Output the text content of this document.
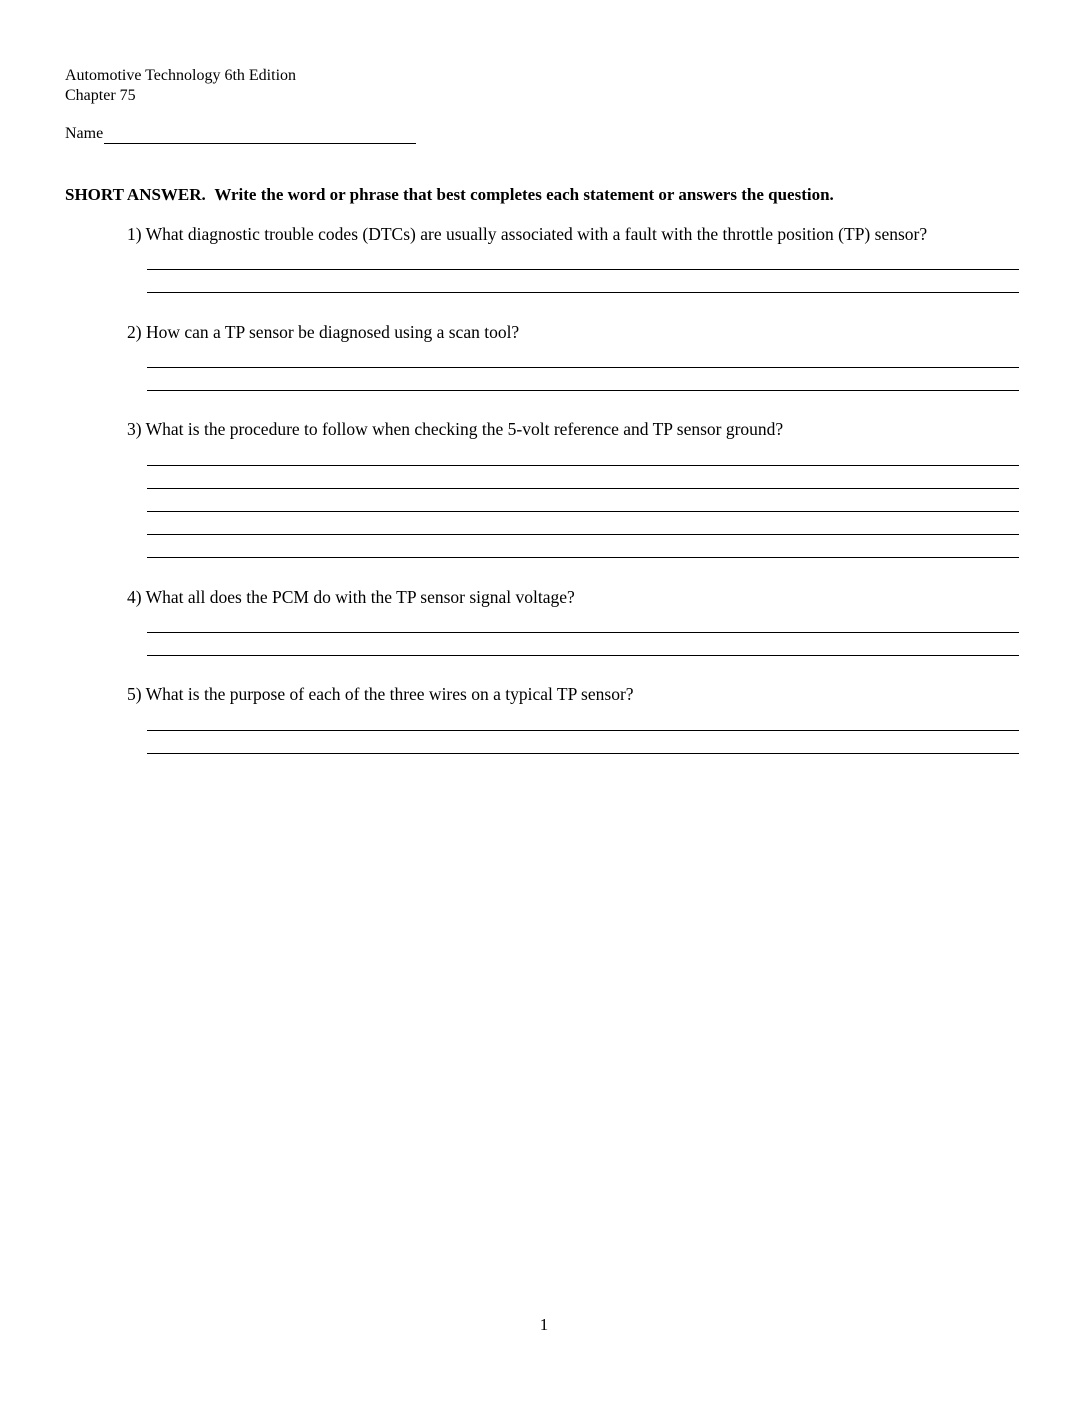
Automotive Technology 6th Edition
Chapter 75
Name
SHORT ANSWER. Write the word or phrase that best completes each statement or answers the question.
1) What diagnostic trouble codes (DTCs) are usually associated with a fault with the throttle position (TP) sensor?
2) How can a TP sensor be diagnosed using a scan tool?
3) What is the procedure to follow when checking the 5-volt reference and TP sensor ground?
4) What all does the PCM do with the TP sensor signal voltage?
5) What is the purpose of each of the three wires on a typical TP sensor?
1
